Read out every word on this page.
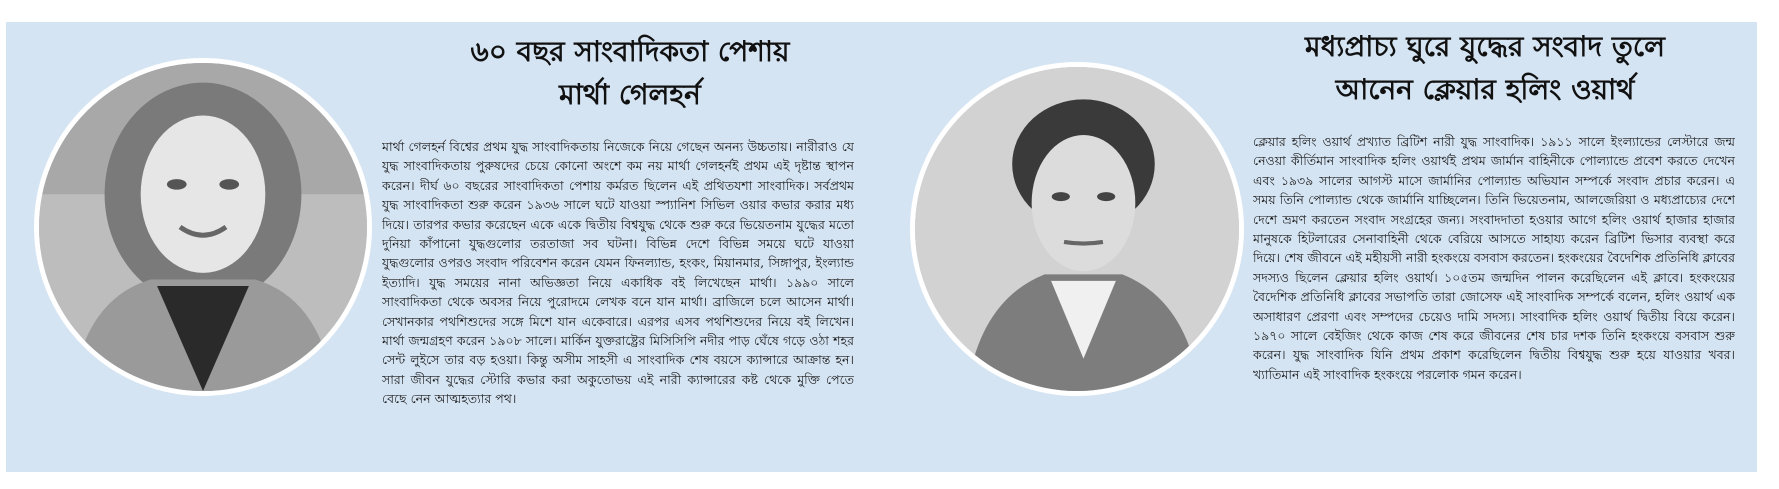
৬০ বছর সাংবাদিকতা পেশায়
মার্থা গেলহর্ন

মার্থা গেলহর্ন বিশ্বের প্রথম যুদ্ধ সাংবাদিকতায় নিজেকে নিয়ে গেছেন অনন্য উচ্চতায়। নারীরাও যে যুদ্ধ সাংবাদিকতায় পুরুষদের চেয়ে কোনো অংশে কম নয় মার্থা গেলহর্নই প্রথম এই দৃষ্টান্ত স্থাপন করেন। দীর্ঘ ৬০ বছরের সাংবাদিকতা পেশায় কর্মরত ছিলেন এই প্রথিতযশা সাংবাদিক। সর্বপ্রথম যুদ্ধ সাংবাদিকতা শুরু করেন ১৯৩৬ সালে ঘটে যাওয়া স্প্যানিশ সিভিল ওয়ার কভার করার মধ্য দিয়ে। তারপর কভার করেছেন একে একে দ্বিতীয় বিশ্বযুদ্ধ থেকে শুরু করে ভিয়েতনাম যুদ্ধের মতো দুনিয়া কাঁপানো যুদ্ধগুলোর তরতাজা সব ঘটনা। বিভিন্ন দেশে বিভিন্ন সময়ে ঘটে যাওয়া যুদ্ধগুলোর ওপরও সংবাদ পরিবেশন করেন যেমন ফিনল্যান্ড, হংকং, মিয়ানমার, সিঙ্গাপুর, ইংল্যান্ড ইত্যাদি। যুদ্ধ সময়ের নানা অভিজ্ঞতা নিয়ে একাধিক বই লিখেছেন মার্থা। ১৯৯০ সালে সাংবাদিকতা থেকে অবসর নিয়ে পুরোদমে লেখক বনে যান মার্থা। ব্রাজিলে চলে আসেন মার্থা। সেখানকার পথশিশুদের সঙ্গে মিশে যান একেবারে। এরপর এসব পথশিশুদের নিয়ে বই লিখেন। মার্থা জন্মগ্রহণ করেন ১৯০৮ সালে। মার্কিন যুক্তরাষ্ট্রের মিসিসিপি নদীর পাড় ঘেঁষে গড়ে ওঠা শহর সেন্ট লুইসে তার বড় হওয়া। কিন্তু অসীম সাহসী এ সাংবাদিক শেষ বয়সে ক্যান্সারে আক্রান্ত হন। সারা জীবন যুদ্ধের স্টোরি কভার করা অকুতোভয় এই নারী ক্যান্সারের কষ্ট থেকে মুক্তি পেতে বেছে নেন আত্মহত্যার পথ।

মধ্যপ্রাচ্য ঘুরে যুদ্ধের সংবাদ তুলে
আনেন ক্লেয়ার হলিং ওয়ার্থ

ক্লেয়ার হলিং ওয়ার্থ প্রখ্যাত ব্রিটিশ নারী যুদ্ধ সাংবাদিক। ১৯১১ সালে ইংল্যান্ডের লেস্টারে জন্ম নেওয়া কীর্তিমান সাংবাদিক হলিং ওয়ার্থই প্রথম জার্মান বাহিনীকে পোল্যান্ডে প্রবেশ করতে দেখেন এবং ১৯৩৯ সালের আগস্ট মাসে জার্মানির পোল্যান্ড অভিযান সম্পর্কে সংবাদ প্রচার করেন। এ সময় তিনি পোল্যান্ড থেকে জার্মানি যাচ্ছিলেন। তিনি ভিয়েতনাম, আলজেরিয়া ও মধ্যপ্রাচ্যের দেশে দেশে ভ্রমণ করতেন সংবাদ সংগ্রহের জন্য। সংবাদদাতা হওয়ার আগে হলিং ওয়ার্থ হাজার হাজার মানুষকে হিটলারের সেনাবাহিনী থেকে বেরিয়ে আসতে সাহায্য করেন ব্রিটিশ ভিসার ব্যবস্থা করে দিয়ে। শেষ জীবনে এই মহীয়সী নারী হংকংয়ে বসবাস করতেন। হংকংয়ের বৈদেশিক প্রতিনিধি ক্লাবের সদস্যও ছিলেন ক্লেয়ার হলিং ওয়ার্থ। ১০৫তম জন্মদিন পালন করেছিলেন এই ক্লাবে। হংকংয়ের বৈদেশিক প্রতিনিধি ক্লাবের সভাপতি তারা জোসেফ এই সাংবাদিক সম্পর্কে বলেন, হলিং ওয়ার্থ এক অসাধারণ প্রেরণা এবং সম্পদের চেয়েও দামি সদস্য। সাংবাদিক হলিং ওয়ার্থ দ্বিতীয় বিয়ে করেন। ১৯৭০ সালে বেইজিং থেকে কাজ শেষ করে জীবনের শেষ চার দশক তিনি হংকংয়ে বসবাস শুরু করেন। যুদ্ধ সাংবাদিক যিনি প্রথম প্রকাশ করেছিলেন দ্বিতীয় বিশ্বযুদ্ধ শুরু হয়ে যাওয়ার খবর। খ্যাতিমান এই সাংবাদিক হংকংয়ে পরলোক গমন করেন।
